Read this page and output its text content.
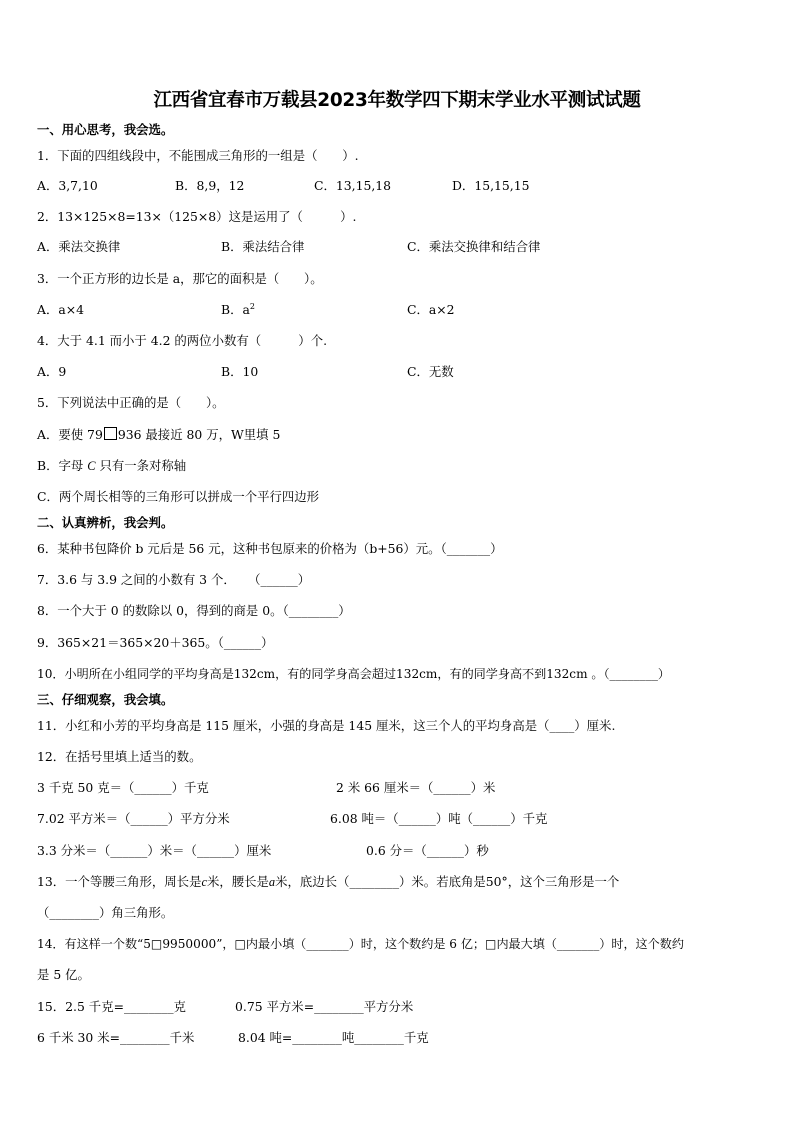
江西省宜春市万载县2023年数学四下期末学业水平测试试题
一、用心思考，我会选。
1．下面的四组线段中，不能围成三角形的一组是（　　）.
A．3,7,10	B．8,9，12	C．13,15,18	D．15,15,15
2．13×125×8=13×（125×8）这是运用了（　　　）.
A．乘法交换律	B．乘法结合律	C．乘法交换律和结合律
3．一个正方形的边长是 a，那它的面积是（　　）。
A．a×4	B．$a^2$	C．a×2
4．大于 4.1 而小于 4.2 的两位小数有（　　　）个.
A．9	B．10	C．无数
5．下列说法中正确的是（　　）。
A．要使 79 936 最接近 80 万，W里填 5
B．字母 C 只有一条对称轴
C．两个周长相等的三角形可以拼成一个平行四边形
二、认真辨析，我会判。
6．某种书包降价 b 元后是 56 元，这种书包原来的价格为（b+56）元。（_______）
7．3.6 与 3.9 之间的小数有 3 个．　　（______）
8．一个大于 0 的数除以 0，得到的商是 0。（________）
9．365×21＝365×20＋365。（______）
10．小明所在小组同学的平均身高是132cm，有的同学身高会超过132cm，有的同学身高不到132cm 。（________）
三、仔细观察，我会填。
11．小红和小芳的平均身高是 115 厘米，小强的身高是 145 厘米，这三个人的平均身高是（____）厘米.
12．在括号里填上适当的数。
3 千克 50 克＝（______）千克	2 米 66 厘米＝（______）米
7.02 平方米＝（______）平方分米	6.08 吨＝（______）吨（______）千克
3.3 分米＝（______）米＝（______）厘米	0.6 分＝（______）秒
13．一个等腰三角形，周长是c米，腰长是a米，底边长（________）米。若底角是50°，这个三角形是一个
（________）角三角形。
14．有这样一个数“5□9950000”，□内最小填（_______）时，这个数约是 6 亿；□内最大填（_______）时，这个数约
是 5 亿。
15．2.5 千克=________克	0.75 平方米=________平方分米
6 千米 30 米=________千米	8.04 吨=________吨________千克
